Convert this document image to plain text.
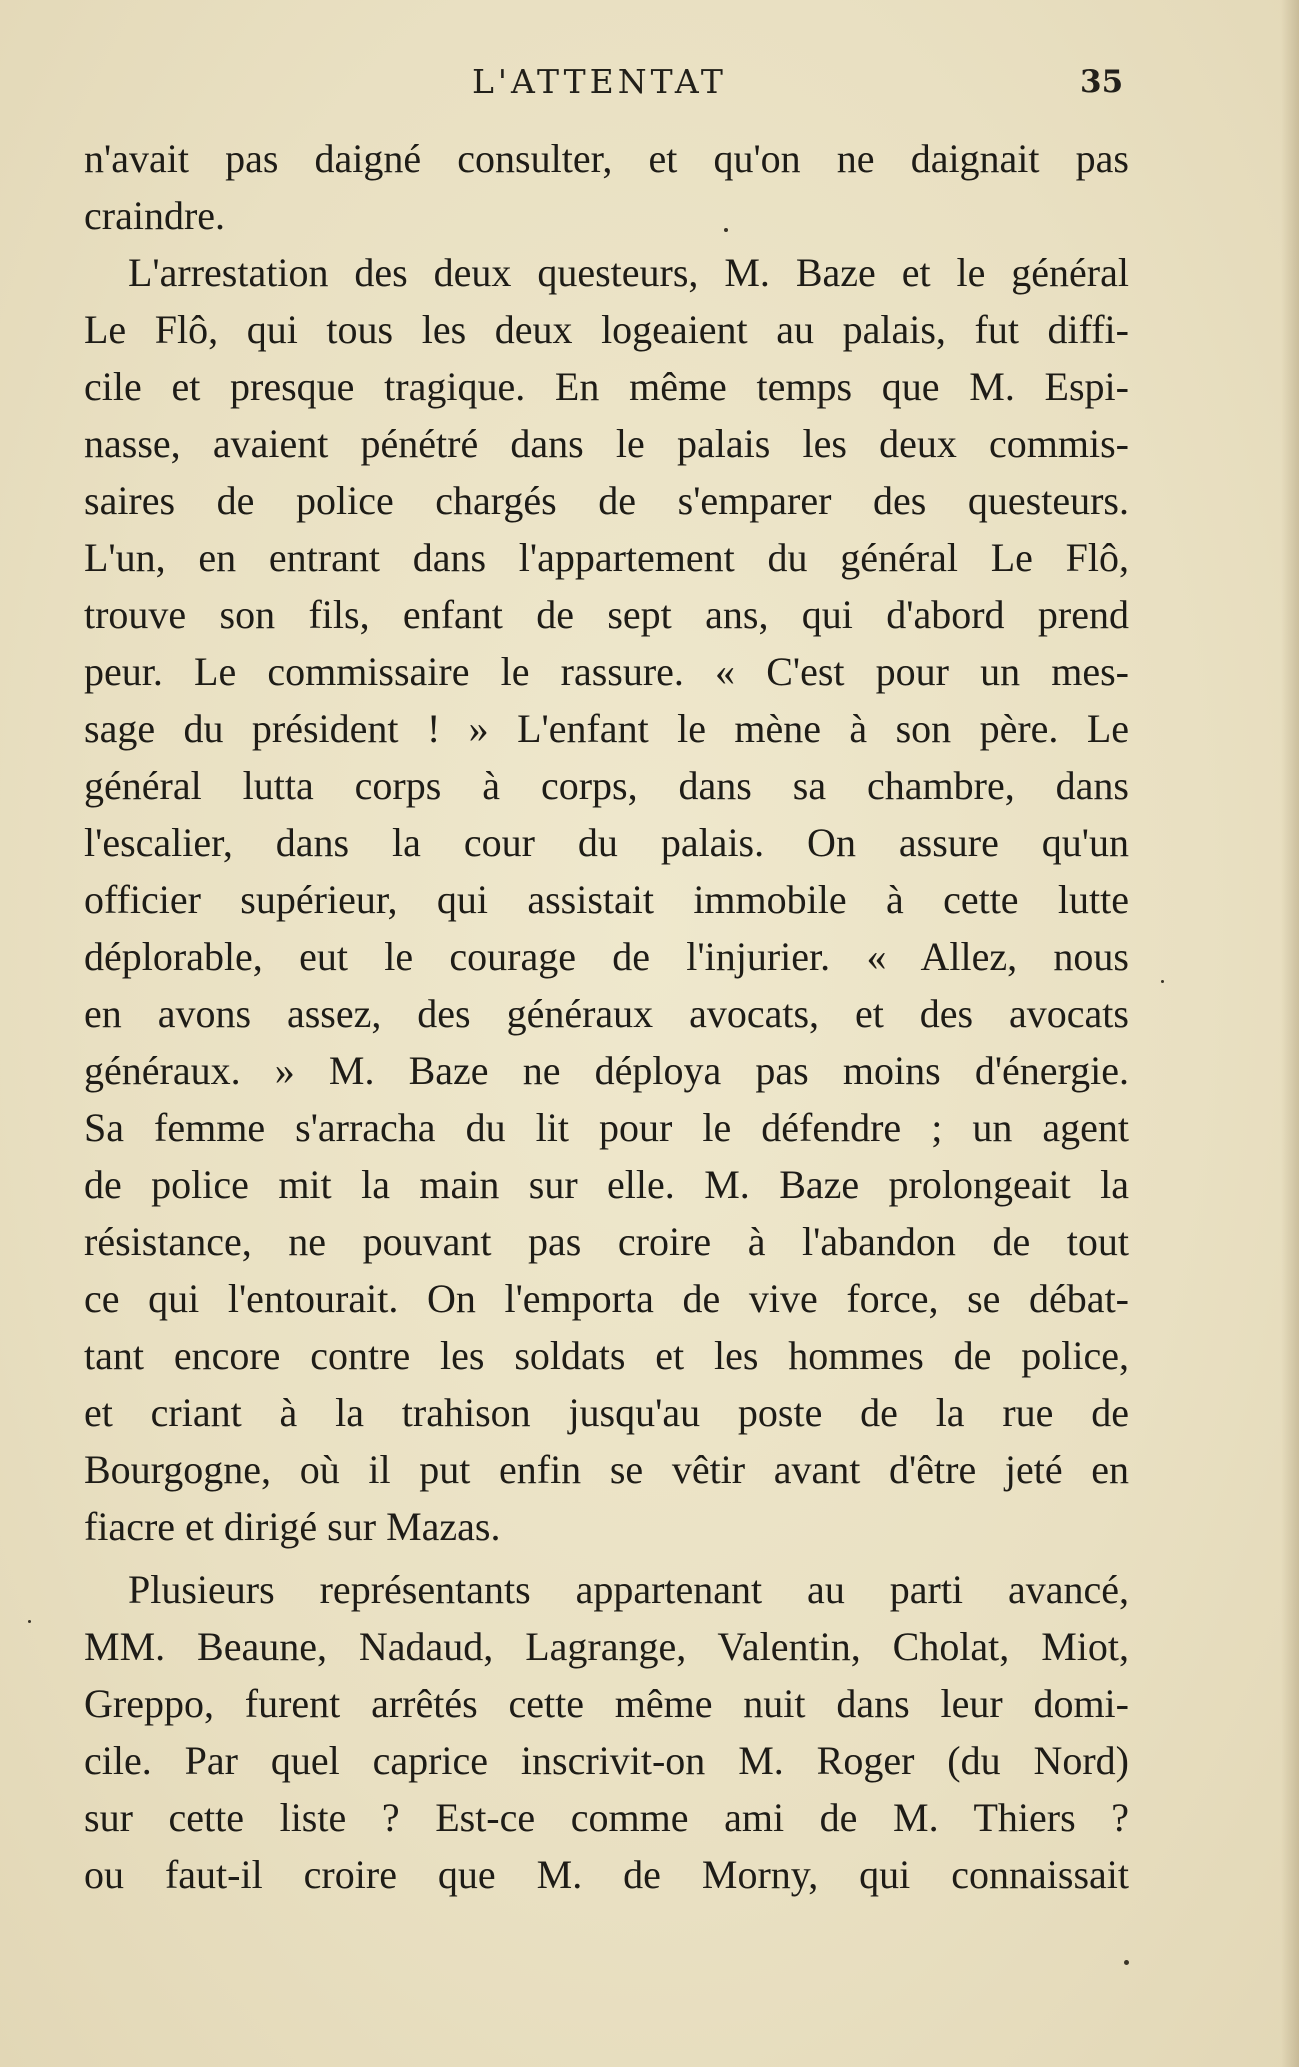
L'ATTENTAT	35
n'avait pas daigné consulter, et qu'on ne daignait pas
craindre.
L'arrestation des deux questeurs, M. Baze et le général
Le Flô, qui tous les deux logeaient au palais, fut diffi-
cile et presque tragique. En même temps que M. Espi-
nasse, avaient pénétré dans le palais les deux commis-
saires de police chargés de s'emparer des questeurs.
L'un, en entrant dans l'appartement du général Le Flô,
trouve son fils, enfant de sept ans, qui d'abord prend
peur. Le commissaire le rassure. « C'est pour un mes-
sage du président ! » L'enfant le mène à son père. Le
général lutta corps à corps, dans sa chambre, dans
l'escalier, dans la cour du palais. On assure qu'un
officier supérieur, qui assistait immobile à cette lutte
déplorable, eut le courage de l'injurier. « Allez, nous
en avons assez, des généraux avocats, et des avocats
généraux. » M. Baze ne déploya pas moins d'énergie.
Sa femme s'arracha du lit pour le défendre ; un agent
de police mit la main sur elle. M. Baze prolongeait la
résistance, ne pouvant pas croire à l'abandon de tout
ce qui l'entourait. On l'emporta de vive force, se débat-
tant encore contre les soldats et les hommes de police,
et criant à la trahison jusqu'au poste de la rue de
Bourgogne, où il put enfin se vêtir avant d'être jeté en
fiacre et dirigé sur Mazas.
Plusieurs représentants appartenant au parti avancé,
MM. Beaune, Nadaud, Lagrange, Valentin, Cholat, Miot,
Greppo, furent arrêtés cette même nuit dans leur domi-
cile. Par quel caprice inscrivit-on M. Roger (du Nord)
sur cette liste ? Est-ce comme ami de M. Thiers ?
ou faut-il croire que M. de Morny, qui connaissait
